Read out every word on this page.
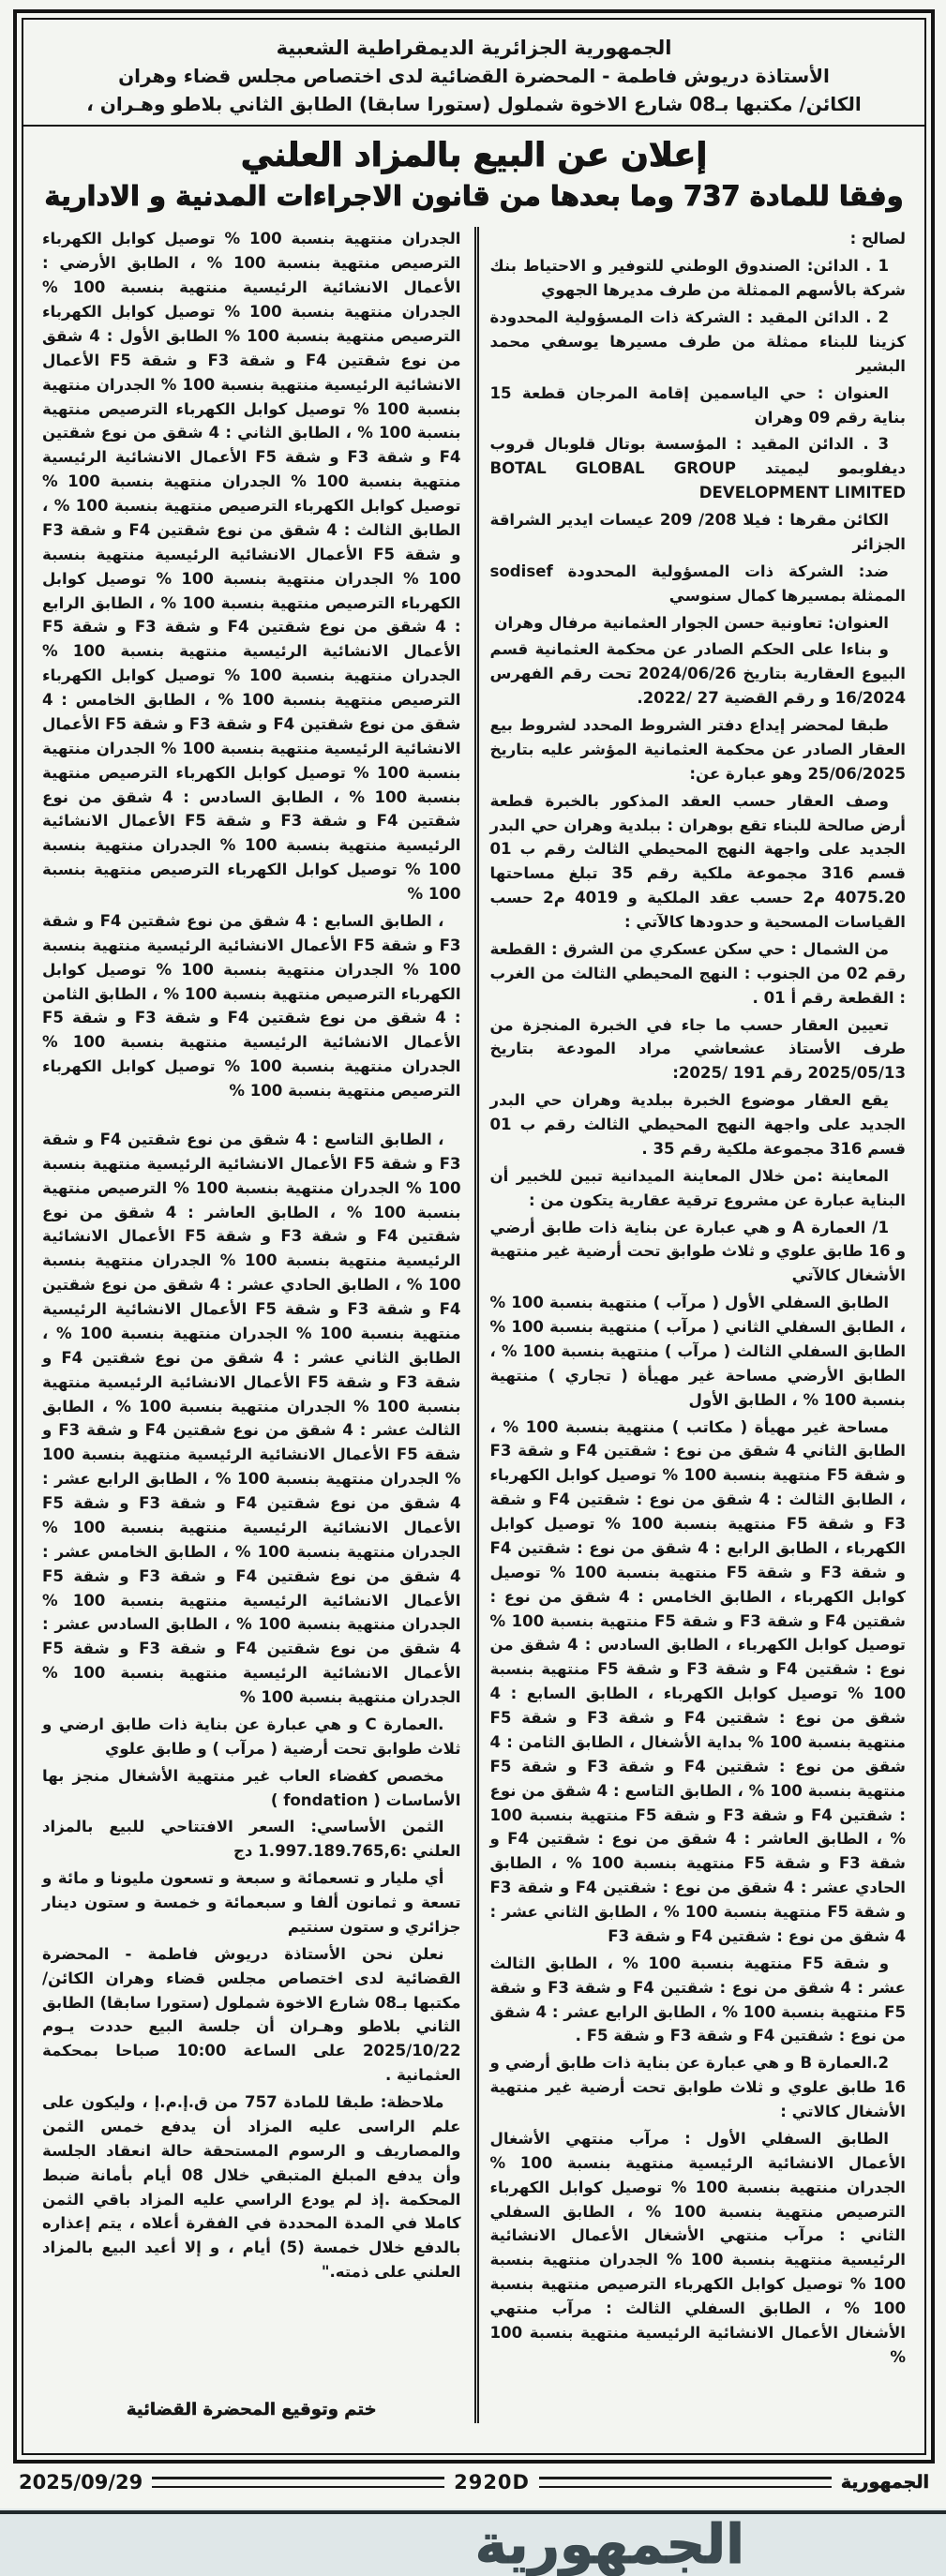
الجمهورية الجزائرية الديمقراطية الشعبية
الأستاذة دريوش فاطمة - المحضرة القضائية لدى اختصاص مجلس قضاء وهران
الكائن/ مكتبها بـ08 شارع الاخوة شملول (ستورا سابقا) الطابق الثاني بلاطو وهـران ،
إعلان عن البيع بالمزاد العلني
وفقا للمادة 737 وما بعدها من قانون الاجراءات المدنية و الادارية

لصالح :

1 . الدائن: الصندوق الوطني للتوفير و الاحتياط بنك شركة بالأسهم الممثلة من طرف مديرها الجهوي

2 . الدائن المقيد : الشركة ذات المسؤولية المحدودة كزينا للبناء ممثلة من طرف مسيرها يوسفي محمد البشير

العنوان : حي الياسمين إقامة المرجان قطعة 15 بناية رقم 09 وهران

3 . الدائن المقيد : المؤسسة بوتال قلوبال قروب ديفلوبمو ليميتد BOTAL GLOBAL GROUP DEVELOPMENT LIMITED

الكائن مقرها : فيلا 208/ 209 عيسات ايدير الشراقة الجزائر

ضد: الشركة ذات المسؤولية المحدودة sodisef الممثلة بمسيرها كمال سنوسي

العنوان: تعاونية حسن الجوار العثمانية مرفال وهران

و بناءا على الحكم الصادر عن محكمة العثمانية قسم البيوع العقارية بتاريخ 2024/06/26 تحت رقم الفهرس 16/2024 و رقم القضية 27 /2022.

طبقا لمحضر إيداع دفتر الشروط المحدد لشروط بيع العقار الصادر عن محكمة العثمانية المؤشر عليه بتاريخ 25/06/2025 وهو عبارة عن:

وصف العقار حسب العقد المذكور بالخبرة قطعة أرض صالحة للبناء تقع بوهران : ببلدية وهران حي البدر الجديد على واجهة النهج المحيطي الثالث رقم ب 01 قسم 316 مجموعة ملكية رقم 35 تبلغ مساحتها 4075.20 م2 حسب عقد الملكية و 4019 م2 حسب القياسات المسحية و حدودها كالآتي :

من الشمال : حي سكن عسكري من الشرق : القطعة رقم 02 من الجنوب : النهج المحيطي الثالث من الغرب : القطعة رقم أ 01 .

تعيين العقار حسب ما جاء في الخبرة المنجزة من طرف الأستاذ عشعاشي مراد المودعة بتاريخ 2025/05/13 رقم 191 /2025:

يقع العقار موضوع الخبرة ببلدية وهران حي البدر الجديد على واجهة النهج المحيطي الثالث رقم ب 01 قسم 316 مجموعة ملكية رقم 35 .

المعاينة :من خلال المعاينة الميدانية تبين للخبير أن البناية عبارة عن مشروع ترقية عقارية يتكون من :

1/ العمارة A و هي عبارة عن بناية ذات طابق أرضي و 16 طابق علوي و ثلاث طوابق تحت أرضية غير منتهية الأشغال كالآتي

الطابق السفلي الأول ( مرآب ) منتهية بنسبة 100 % ، الطابق السفلي الثاني ( مرآب ) منتهية بنسبة 100 % الطابق السفلي الثالث ( مرآب ) منتهية بنسبة 100 % ، الطابق الأرضي مساحة غير مهيأة ( تجاري ) منتهية بنسبة 100 % ، الطابق الأول

مساحة غير مهيأة ( مكاتب ) منتهية بنسبة 100 % ، الطابق الثاني 4 شقق من نوع : شقتين F4 و شقة F3 و شقة F5 منتهية بنسبة 100 % توصيل كوابل الكهرباء ، الطابق الثالث : 4 شقق من نوع : شقتين F4 و شقة F3 و شقة F5 منتهية بنسبة 100 % توصيل كوابل الكهرباء ، الطابق الرابع : 4 شقق من نوع : شقتين F4 و شقة F3 و شقة F5 منتهية بنسبة 100 % توصيل كوابل الكهرباء ، الطابق الخامس : 4 شقق من نوع : شقتين F4 و شقة F3 و شقة F5 منتهية بنسبة 100 % توصيل كوابل الكهرباء ، الطابق السادس : 4 شقق من نوع : شقتين F4 و شقة F3 و شقة F5 منتهية بنسبة 100 % توصيل كوابل الكهرباء ، الطابق السابع : 4 شقق من نوع : شقتين F4 و شقة F3 و شقة F5 منتهية بنسبة 100 % بداية الأشغال ، الطابق الثامن : 4 شقق من نوع : شقتين F4 و شقة F3 و شقة F5 منتهية بنسبة 100 % ، الطابق التاسع : 4 شقق من نوع : شقتين F4 و شقة F3 و شقة F5 منتهية بنسبة 100 % ، الطابق العاشر : 4 شقق من نوع : شقتين F4 و شقة F3 و شقة F5 منتهية بنسبة 100 % ، الطابق الحادي عشر : 4 شقق من نوع : شقتين F4 و شقة F3 و شقة F5 منتهية بنسبة 100 % ، الطابق الثاني عشر : 4 شقق من نوع : شقتين F4 و شقة F3

و شقة F5 منتهية بنسبة 100 % ، الطابق الثالث عشر : 4 شقق من نوع : شقتين F4 و شقة F3 و شقة F5 منتهية بنسبة 100 % ، الطابق الرابع عشر : 4 شقق من نوع : شقتين F4 و شقة F3 و شقة F5 .

2.العمارة B و هي عبارة عن بناية ذات طابق أرضي و 16 طابق علوي و ثلاث طوابق تحت أرضية غير منتهية الأشغال كالاتي :

الطابق السفلي الأول : مرآب منتهي الأشغال الأعمال الانشائية الرئيسية منتهية بنسبة 100 % الجدران منتهية بنسبة 100 % توصيل كوابل الكهرباء الترصيص منتهية بنسبة 100 % ، الطابق السفلي الثاني : مرآب منتهي الأشغال الأعمال الانشائية الرئيسية منتهية بنسبة 100 % الجدران منتهية بنسبة 100 % توصيل كوابل الكهرباء الترصيص منتهية بنسبة 100 % ، الطابق السفلي الثالث : مرآب منتهي الأشغال الأعمال الانشائية الرئيسية منتهية بنسبة 100 %

الجدران منتهية بنسبة 100 % توصيل كوابل الكهرباء الترصيص منتهية بنسبة 100 % ، الطابق الأرضي : الأعمال الانشائية الرئيسية منتهية بنسبة 100 % الجدران منتهية بنسبة 100 % توصيل كوابل الكهرباء الترصيص منتهية بنسبة 100 % الطابق الأول : 4 شقق من نوع شقتين F4 و شقة F3 و شقة F5 الأعمال الانشائية الرئيسية منتهية بنسبة 100 % الجدران منتهية بنسبة 100 % توصيل كوابل الكهرباء الترصيص منتهية بنسبة 100 % ، الطابق الثاني : 4 شقق من نوع شقتين F4 و شقة F3 و شقة F5 الأعمال الانشائية الرئيسية منتهية بنسبة 100 % الجدران منتهية بنسبة 100 % توصيل كوابل الكهرباء الترصيص منتهية بنسبة 100 % ، الطابق الثالث : 4 شقق من نوع شقتين F4 و شقة F3 و شقة F5 الأعمال الانشائية الرئيسية منتهية بنسبة 100 % الجدران منتهية بنسبة 100 % توصيل كوابل الكهرباء الترصيص منتهية بنسبة 100 % ، الطابق الرابع : 4 شقق من نوع شقتين F4 و شقة F3 و شقة F5 الأعمال الانشائية الرئيسية منتهية بنسبة 100 % الجدران منتهية بنسبة 100 % توصيل كوابل الكهرباء الترصيص منتهية بنسبة 100 % ، الطابق الخامس : 4 شقق من نوع شقتين F4 و شقة F3 و شقة F5 الأعمال الانشائية الرئيسية منتهية بنسبة 100 % الجدران منتهية بنسبة 100 % توصيل كوابل الكهرباء الترصيص منتهية بنسبة 100 % ، الطابق السادس : 4 شقق من نوع شقتين F4 و شقة F3 و شقة F5 الأعمال الانشائية الرئيسية منتهية بنسبة 100 % الجدران منتهية بنسبة 100 % توصيل كوابل الكهرباء الترصيص منتهية بنسبة 100 %

، الطابق السابع : 4 شقق من نوع شقتين F4 و شقة F3 و شقة F5 الأعمال الانشائية الرئيسية منتهية بنسبة 100 % الجدران منتهية بنسبة 100 % توصيل كوابل الكهرباء الترصيص منتهية بنسبة 100 % ، الطابق الثامن : 4 شقق من نوع شقتين F4 و شقة F3 و شقة F5 الأعمال الانشائية الرئيسية منتهية بنسبة 100 % الجدران منتهية بنسبة 100 % توصيل كوابل الكهرباء الترصيص منتهية بنسبة 100 %

، الطابق التاسع : 4 شقق من نوع شقتين F4 و شقة F3 و شقة F5 الأعمال الانشائية الرئيسية منتهية بنسبة 100 % الجدران منتهية بنسبة 100 % الترصيص منتهية بنسبة 100 % ، الطابق العاشر : 4 شقق من نوع شقتين F4 و شقة F3 و شقة F5 الأعمال الانشائية الرئيسية منتهية بنسبة 100 % الجدران منتهية بنسبة 100 % ، الطابق الحادي عشر : 4 شقق من نوع شقتين F4 و شقة F3 و شقة F5 الأعمال الانشائية الرئيسية منتهية بنسبة 100 % الجدران منتهية بنسبة 100 % ، الطابق الثاني عشر : 4 شقق من نوع شقتين F4 و شقة F3 و شقة F5 الأعمال الانشائية الرئيسية منتهية بنسبة 100 % الجدران منتهية بنسبة 100 % ، الطابق الثالث عشر : 4 شقق من نوع شقتين F4 و شقة F3 و شقة F5 الأعمال الانشائية الرئيسية منتهية بنسبة 100 % الجدران منتهية بنسبة 100 % ، الطابق الرابع عشر : 4 شقق من نوع شقتين F4 و شقة F3 و شقة F5 الأعمال الانشائية الرئيسية منتهية بنسبة 100 % الجدران منتهية بنسبة 100 % ، الطابق الخامس عشر : 4 شقق من نوع شقتين F4 و شقة F3 و شقة F5 الأعمال الانشائية الرئيسية منتهية بنسبة 100 % الجدران منتهية بنسبة 100 % ، الطابق السادس عشر : 4 شقق من نوع شقتين F4 و شقة F3 و شقة F5 الأعمال الانشائية الرئيسية منتهية بنسبة 100 % الجدران منتهية بنسبة 100 %

.العمارة C و هي عبارة عن بناية ذات طابق ارضي و ثلاث طوابق تحت أرضية ( مرآب ) و طابق علوي

مخصص كفضاء العاب غير منتهية الأشغال منجز بها الأساسات ( fondation )

الثمن الأساسي: السعر الافتتاحي للبيع بالمزاد العلني :1.997.189.765,6 دج

أي مليار و تسعمائة و سبعة و تسعون مليونا و مائة و تسعة و ثمانون ألفا و سبعمائة و خمسة و ستون دينار جزائري و ستون سنتيم

نعلن نحن الأستاذة دريوش فاطمة - المحضرة القضائية لدى اختصاص مجلس قضاء وهران الكائن/ مكتبها بـ08 شارع الاخوة شملول (ستورا سابقا) الطابق الثاني بلاطو وهـران أن جلسة البيع حددت يـوم 2025/10/22 على الساعة 10:00 صباحا بمحكمة العثمانية .

ملاحظة: طبقا للمادة 757 من ق.إ.م.إ ، وليكون على علم الراسى عليه المزاد أن يدفع خمس الثمن والمصاريف و الرسوم المستحقة حالة انعقاد الجلسة وأن يدفع المبلغ المتبقي خلال 08 أيام بأمانة ضبط المحكمة .إذ لم يودع الراسي عليه المزاد باقي الثمن كاملا في المدة المحددة في الفقرة أعلاه ، يتم إعذاره بالدفع خلال خمسة (5) أيام ، و إلا أعيد البيع بالمزاد العلني على ذمته."

ختم وتوقيع المحضرة القضائية
الجمهورية
2920D
2025/09/29
الجمهورية
